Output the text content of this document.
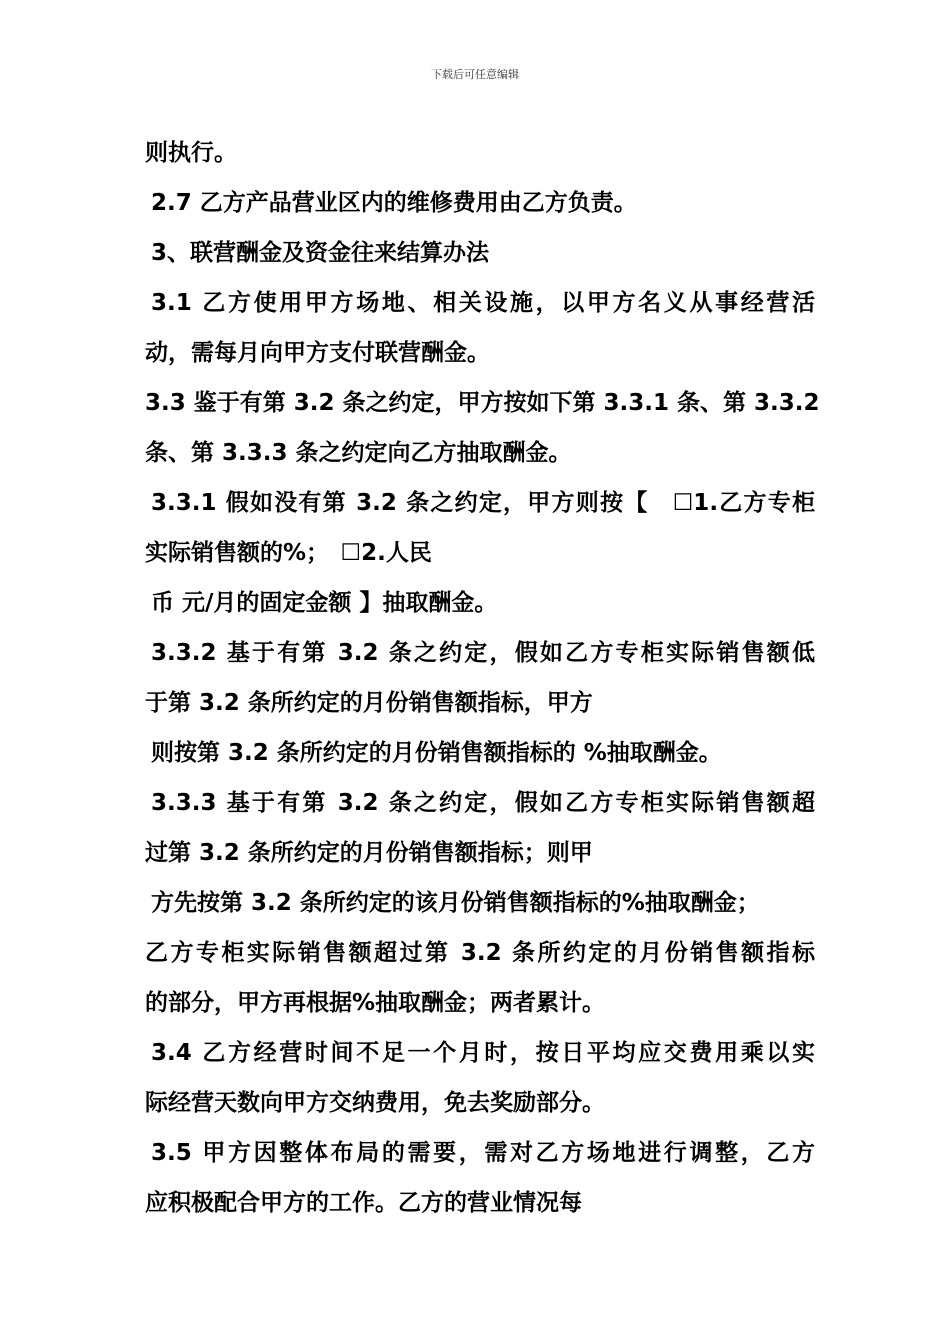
下载后可任意编辑
则执行。
2.7 乙方产品营业区内的维修费用由乙方负责。
3、联营酬金及资金往来结算办法
3.1 乙方使用甲方场地、相关设施，以甲方名义从事经营活
动，需每月向甲方支付联营酬金。
3.3 鉴于有第 3.2 条之约定，甲方按如下第 3.3.1 条、第 3.3.2
条、第 3.3.3 条之约定向乙方抽取酬金。
3.3.1 假如没有第 3.2 条之约定，甲方则按【　☐1.乙方专柜
实际销售额的%；　☐2.人民
币 元/月的固定金额 】抽取酬金。
3.3.2 基于有第 3.2 条之约定，假如乙方专柜实际销售额低
于第 3.2 条所约定的月份销售额指标，甲方
则按第 3.2 条所约定的月份销售额指标的 %抽取酬金。
3.3.3 基于有第 3.2 条之约定，假如乙方专柜实际销售额超
过第 3.2 条所约定的月份销售额指标；则甲
方先按第 3.2 条所约定的该月份销售额指标的%抽取酬金；
乙方专柜实际销售额超过第 3.2 条所约定的月份销售额指标
的部分，甲方再根据%抽取酬金；两者累计。
3.4 乙方经营时间不足一个月时，按日平均应交费用乘以实
际经营天数向甲方交纳费用，免去奖励部分。
3.5 甲方因整体布局的需要，需对乙方场地进行调整，乙方
应积极配合甲方的工作。乙方的营业情况每
